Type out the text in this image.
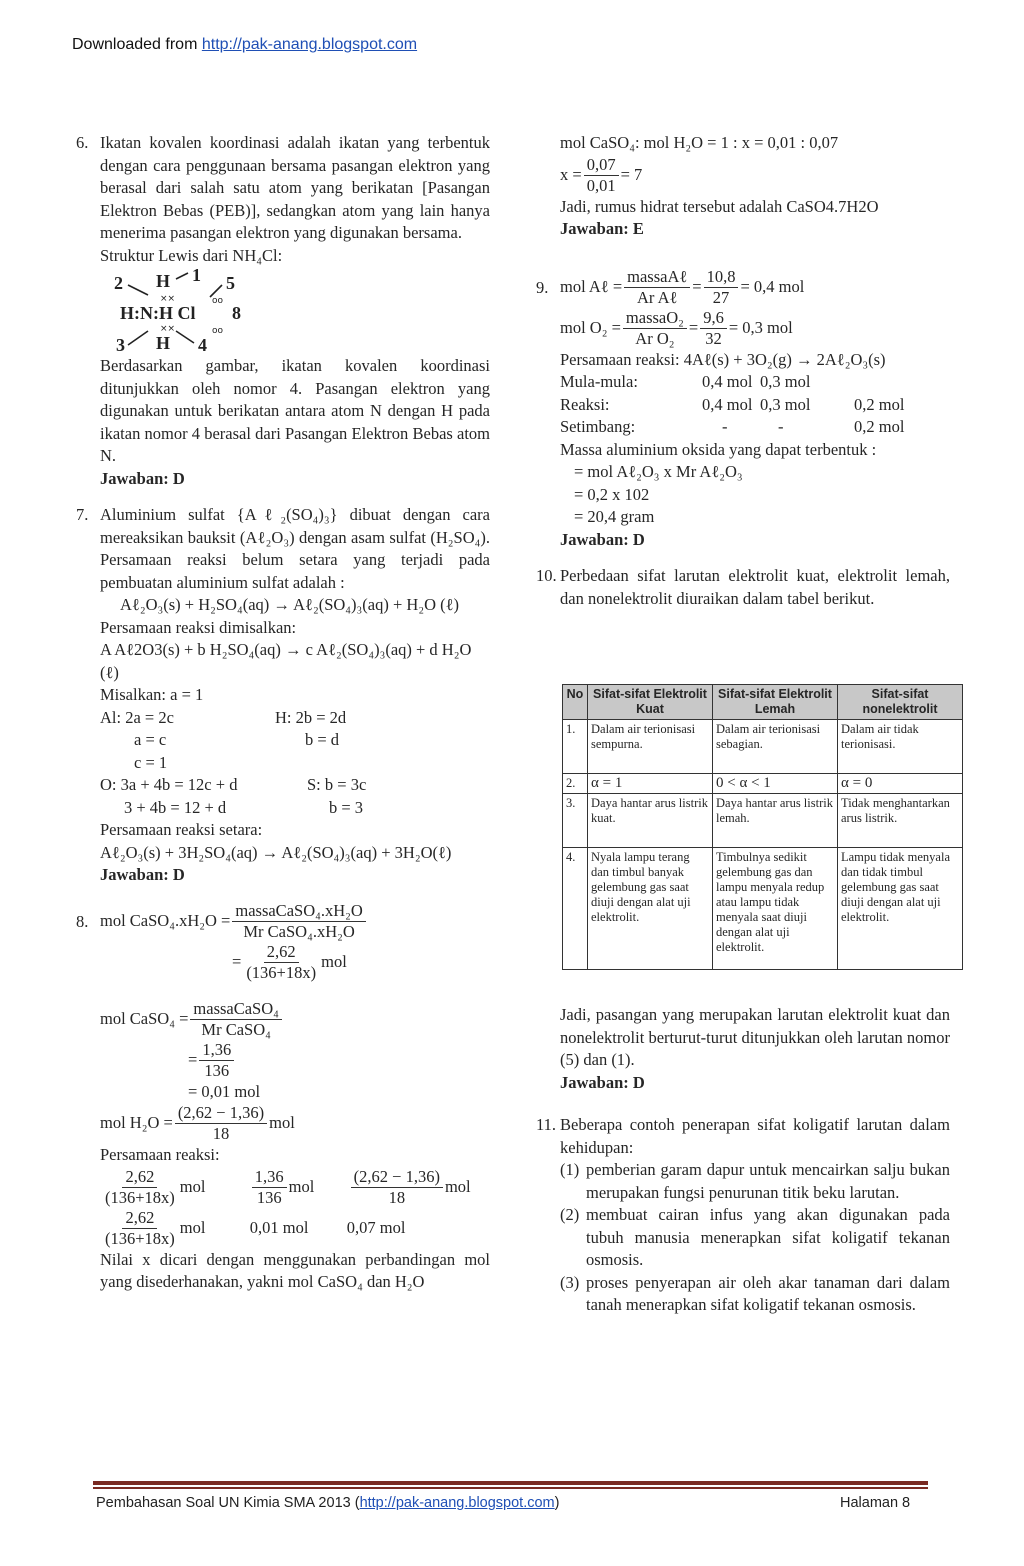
Downloaded from http://pak-anang.blogspot.com
6. Ikatan kovalen koordinasi adalah ikatan yang terbentuk dengan cara penggunaan bersama pasangan elektron yang berasal dari salah satu atom yang berikatan [Pasangan Elektron Bebas (PEB)], sedangkan atom yang lain hanya menerima pasangan elektron yang digunakan bersama.
Struktur Lewis dari NH₄Cl:
2 H 1 5
H:N:H Cl 8
3 H 4
××
××
oo
oo
Berdasarkan gambar, ikatan kovalen koordinasi ditunjukkan oleh nomor 4. Pasangan elektron yang digunakan untuk berikatan antara atom N dengan H pada ikatan nomor 4 berasal dari Pasangan Elektron Bebas atom N.
Jawaban: D
7. Aluminium sulfat {Aℓ₂(SO₄)₃} dibuat dengan cara mereaksikan bauksit (Aℓ₂O₃) dengan asam sulfat (H₂SO₄). Persamaan reaksi belum setara yang terjadi pada pembuatan aluminium sulfat adalah :
Aℓ₂O₃(s) + H₂SO₄(aq) → Aℓ₂(SO₄)₃(aq) + H₂O (ℓ)
Persamaan reaksi dimisalkan:
A Aℓ2O3(s) + b H₂SO₄(aq) → c Aℓ₂(SO₄)₃(aq) + d H₂O (ℓ)
Misalkan: a = 1
Al: 2a = 2c	H: 2b = 2d
a = c	b = d
c = 1
O: 3a + 4b = 12c + d	S: b = 3c
3 + 4b = 12 + d	b = 3
Persamaan reaksi setara:
Aℓ₂O₃(s) + 3H₂SO₄(aq) → Aℓ₂(SO₄)₃(aq) + 3H₂O(ℓ)
Jawaban: D
8. mol CaSO₄.xH₂O = $\frac{\text{massaCaSO₄.xH₂O}}{\text{Mr CaSO₄.xH₂O}}$
= $\frac{2,62}{(136+18x)}$ mol
mol CaSO₄ = $\frac{\text{massaCaSO₄}}{\text{Mr CaSO₄}}$
= $\frac{1,36}{136}$
= 0,01 mol
mol $H_2O = \frac{(2,62 - 1,36)}{18}$ mol
Persamaan reaksi:
$\frac{2,62}{(136+18x)}$ mol	$\frac{1,36}{136}$ mol	$\frac{(2,62 - 1,36)}{18}$ mol
$\frac{2,62}{(136+18x)}$ mol	0,01 mol	0,07 mol
Nilai x dicari dengan menggunakan perbandingan mol yang disederhanakan, yakni mol CaSO₄ dan H₂O
mol CaSO₄: mol H₂O = 1 : x = 0,01 : 0,07
$x = \frac{0,07}{0,01} = 7$
Jadi, rumus hidrat tersebut adalah CaSO4.7H2O
Jawaban: E
9. mol Aℓ = $\frac{\text{massaAℓ}}{\text{Ar Aℓ}} = \frac{10,8}{27} = 0,4$ mol
mol $O_2 = \frac{\text{massaO₂}}{\text{Ar O₂}} = \frac{9,6}{32} = 0,3$ mol
Persamaan reaksi: 4Aℓ(s) + 3O₂(g) → 2Aℓ₂O₃(s)
Mula-mula:	0,4 mol 0,3 mol
Reaksi:	0,4 mol 0,3 mol	0,2 mol
Setimbang:	-	-	0,2 mol
Massa aluminium oksida yang dapat terbentuk :
= mol Aℓ₂O₃ x Mr Aℓ₂O₃
= 0,2 x 102
= 20,4 gram
Jawaban: D
10. Perbedaan sifat larutan elektrolit kuat, elektrolit lemah, dan nonelektrolit diuraikan dalam tabel berikut.
No	Sifat-sifat Elektrolit Kuat	Sifat-sifat Elektrolit Lemah	Sifat-sifat nonelektrolit
1.	Dalam air terionisasi sempurna.	Dalam air terionisasi sebagian.	Dalam air tidak terionisasi.
2.	α = 1	0 < α < 1	α = 0
3.	Daya hantar arus listrik kuat.	Daya hantar arus listrik lemah.	Tidak menghantarkan arus listrik.
4.	Nyala lampu terang dan timbul banyak gelembung gas saat diuji dengan alat uji elektrolit.	Timbulnya sedikit gelembung gas dan lampu menyala redup atau lampu tidak menyala saat diuji dengan alat uji elektrolit.	Lampu tidak menyala dan tidak timbul gelembung gas saat diuji dengan alat uji elektrolit.
Jadi, pasangan yang merupakan larutan elektrolit kuat dan nonelektrolit berturut-turut ditunjukkan oleh larutan nomor (5) dan (1).
Jawaban: D
11. Beberapa contoh penerapan sifat koligatif larutan dalam kehidupan:
(1) pemberian garam dapur untuk mencairkan salju bukan merupakan fungsi penurunan titik beku larutan.
(2) membuat cairan infus yang akan digunakan pada tubuh manusia menerapkan sifat koligatif tekanan osmosis.
(3) proses penyerapan air oleh akar tanaman dari dalam tanah menerapkan sifat koligatif tekanan osmosis.
Pembahasan Soal UN Kimia SMA 2013 (http://pak-anang.blogspot.com)	Halaman 8
